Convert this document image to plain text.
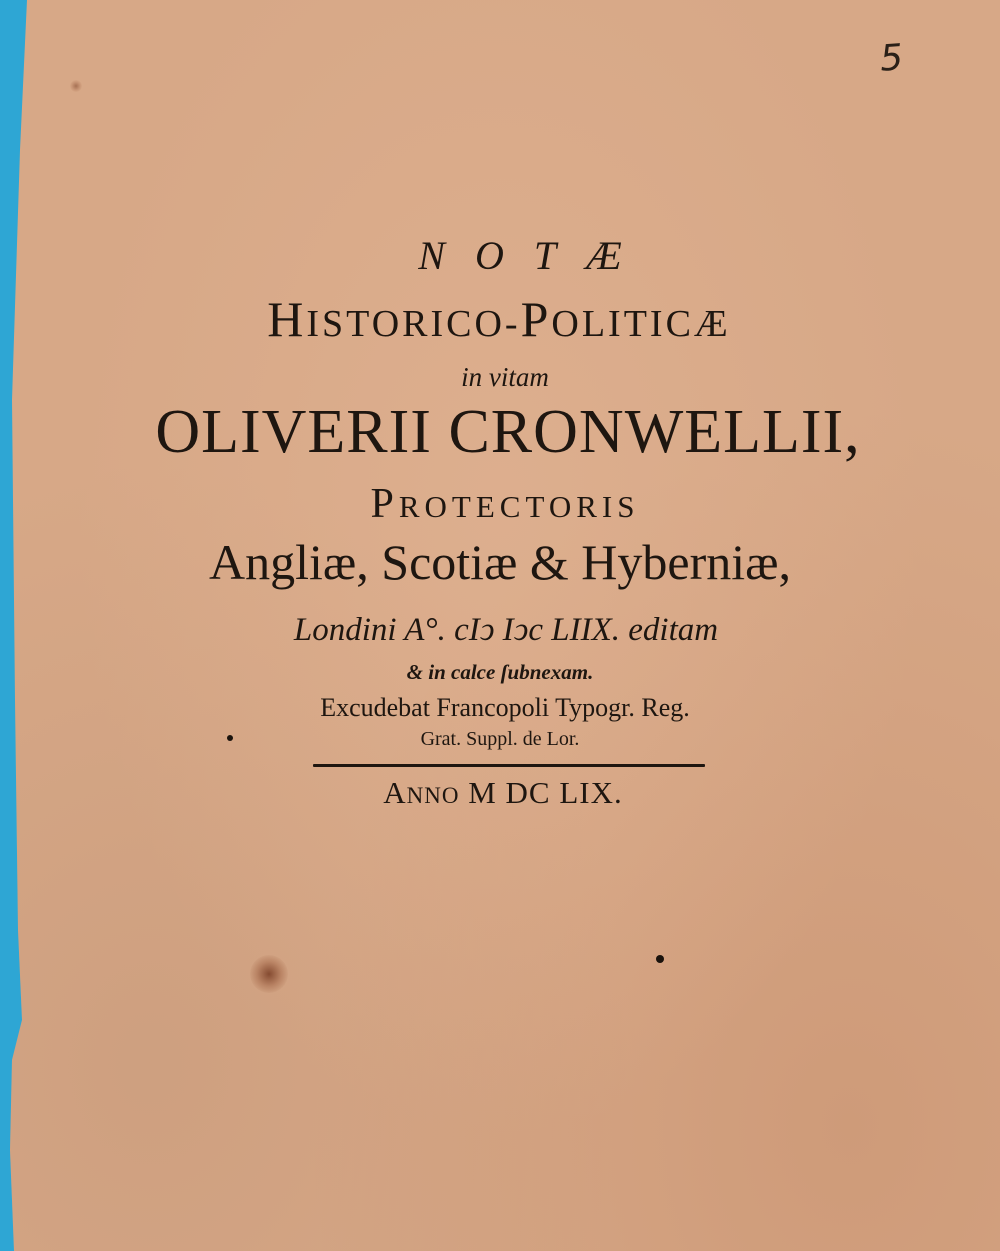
5
NOTÆ
HISTORICO-POLITICÆ
in vitam
OLIVERII CRONWELLII,
PROTECTORIS
Angliæ, Scotiæ & Hyberniæ,
Londini A°. cIↄ Iↄc LIIX. editam
& in calce ſubnexam.
Excudebat Francopoli Typogr. Reg.
Grat. Suppl. de Lor.
ANNO M DC LIX.
